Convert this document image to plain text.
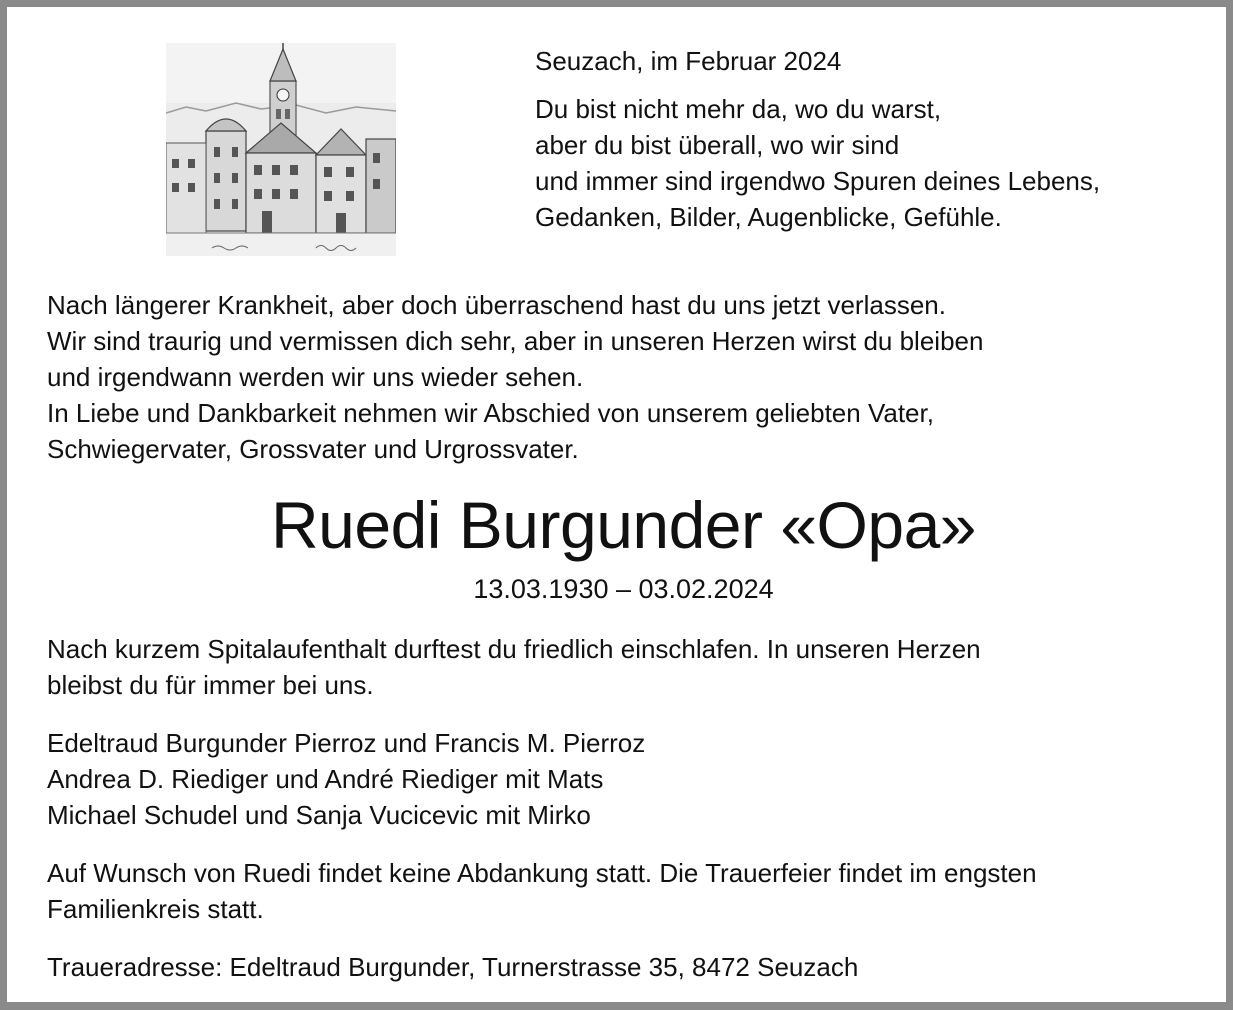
Seuzach, im Februar 2024
Du bist nicht mehr da, wo du warst,
aber du bist überall, wo wir sind
und immer sind irgendwo Spuren deines Lebens,
Gedanken, Bilder, Augenblicke, Gefühle.
Nach längerer Krankheit, aber doch überraschend hast du uns jetzt verlassen.
Wir sind traurig und vermissen dich sehr, aber in unseren Herzen wirst du bleiben
und irgendwann werden wir uns wieder sehen.
In Liebe und Dankbarkeit nehmen wir Abschied von unserem geliebten Vater,
Schwiegervater, Grossvater und Urgrossvater.
Ruedi Burgunder «Opa»
13.03.1930 – 03.02.2024
Nach kurzem Spitalaufenthalt durftest du friedlich einschlafen. In unseren Herzen
bleibst du für immer bei uns.
Edeltraud Burgunder Pierroz und Francis M. Pierroz
Andrea D. Riediger und André Riediger mit Mats
Michael Schudel und Sanja Vucicevic mit Mirko
Auf Wunsch von Ruedi findet keine Abdankung statt. Die Trauerfeier findet im engsten
Familienkreis statt.
Traueradresse: Edeltraud Burgunder, Turnerstrasse 35, 8472 Seuzach
